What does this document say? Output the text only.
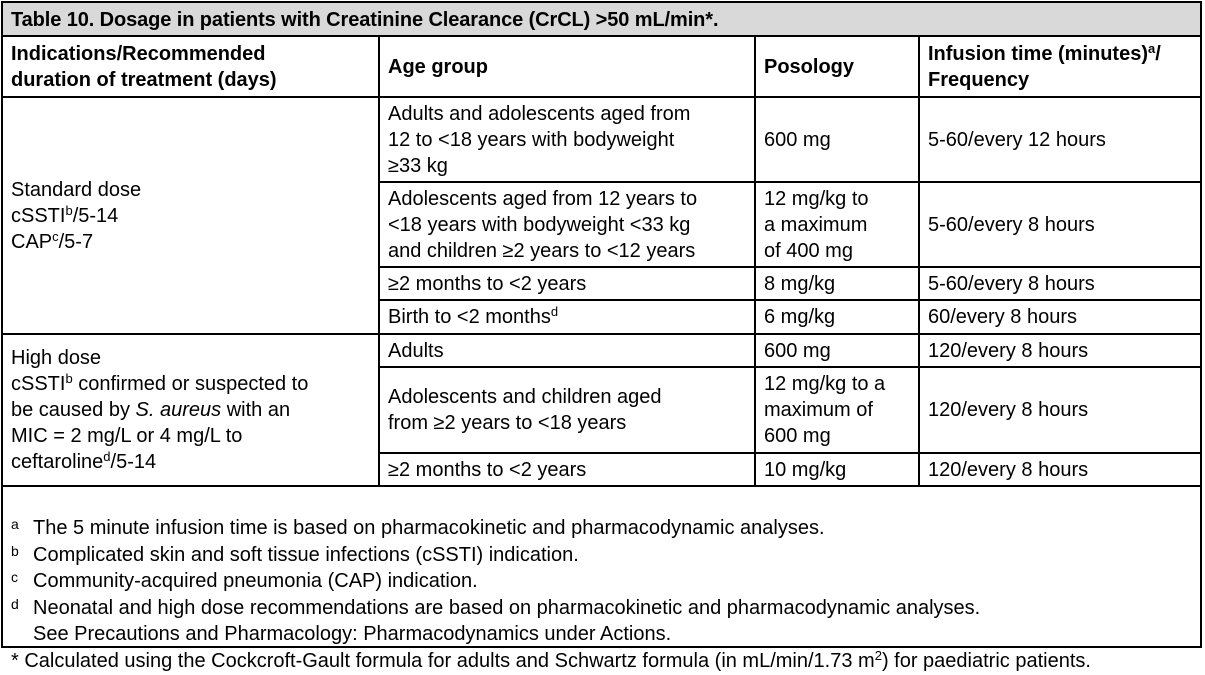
Table 10. Dosage in patients with Creatinine Clearance (CrCL) >50 mL/min*.
Indications/Recommended
duration of treatment (days)	Age group	Posology	Infusion time (minutes)$^a$/
Frequency
Standard dose
cSSTI$^b$/5-14
CAP$^c$/5-7	Adults and adolescents aged from
12 to <18 years with bodyweight
≥33 kg	600 mg	5-60/every 12 hours
	Adolescents aged from 12 years to
<18 years with bodyweight <33 kg
and children ≥2 years to <12 years	12 mg/kg to
a maximum
of 400 mg	5-60/every 8 hours
	≥2 months to <2 years	8 mg/kg	5-60/every 8 hours
	Birth to <2 months$^d$	6 mg/kg	60/every 8 hours
High dose
cSSTI$^b$ confirmed or suspected to
be caused by S. aureus with an
MIC = 2 mg/L or 4 mg/L to
ceftaroline$^d$/5-14	Adults	600 mg	120/every 8 hours
	Adolescents and children aged
from ≥2 years to <18 years	12 mg/kg to a
maximum of
600 mg	120/every 8 hours
	≥2 months to <2 years	10 mg/kg	120/every 8 hours
a The 5 minute infusion time is based on pharmacokinetic and pharmacodynamic analyses.
b Complicated skin and soft tissue infections (cSSTI) indication.
c Community-acquired pneumonia (CAP) indication.
d Neonatal and high dose recommendations are based on pharmacokinetic and pharmacodynamic analyses.
See Precautions and Pharmacology: Pharmacodynamics under Actions.
* Calculated using the Cockcroft-Gault formula for adults and Schwartz formula (in mL/min/1.73 $m^2$ ) for paediatric patients.
